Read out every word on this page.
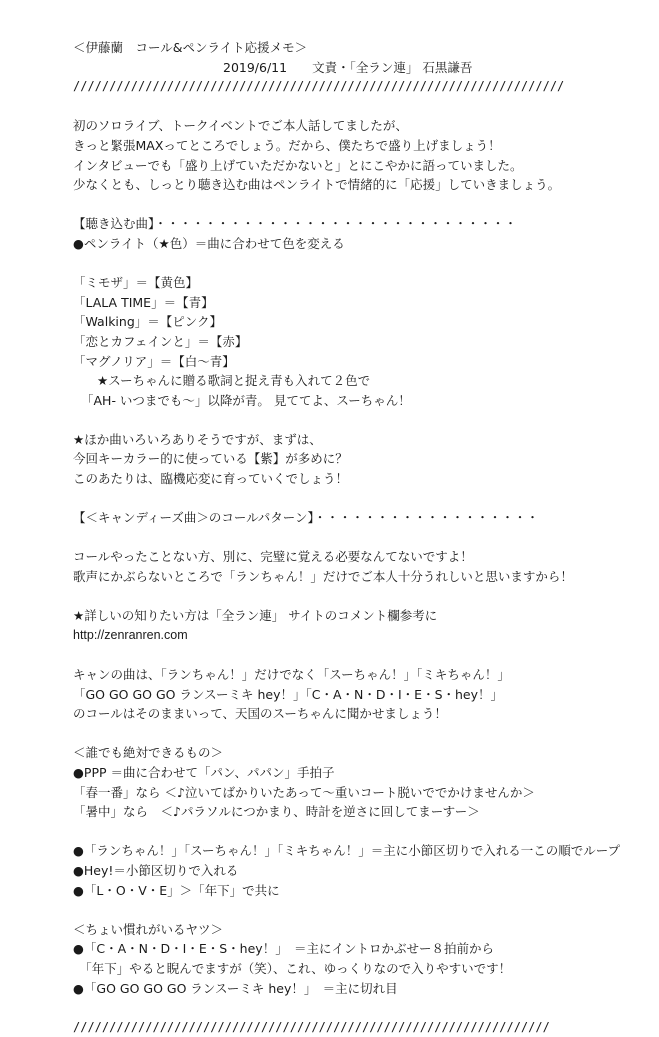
＜伊藤蘭　コール&ペンライト応援メモ＞
2019/6/11　　文責・「全ラン連」 石黒謙吾
////////////////////////////////////////////////////////////////////
初のソロライブ、トークイベントでご本人話してましたが、
きっと緊張MAXってところでしょう。だから、僕たちで盛り上げましょう！
インタビューでも「盛り上げていただかないと」とにこやかに語っていました。
少なくとも、しっとり聴き込む曲はペンライトで情緒的に「応援」していきましょう。
【聴き込む曲】・・・・・・・・・・・・・・・・・・・・・・・・・・・・・
●ペンライト（★色）＝曲に合わせて色を変える
「ミモザ」＝【黄色】
「LALA TIME」＝【青】
「Walking」＝【ピンク】
「恋とカフェインと」＝【赤】
「マグノリア」＝【白〜青】
★スーちゃんに贈る歌詞と捉え青も入れて２色で
「AH- いつまでも〜」以降が青。 見ててよ、スーちゃん！
★ほか曲いろいろありそうですが、まずは、
今回キーカラー的に使っている【紫】が多めに？
このあたりは、臨機応変に育っていくでしょう！
【＜キャンディーズ曲＞のコールパターン】・・・・・・・・・・・・・・・・・・
コールやったことない方、別に、完璧に覚える必要なんてないですよ！
歌声にかぶらないところで「ランちゃん！」だけでご本人十分うれしいと思いますから！
★詳しいの知りたい方は「全ラン連」 サイトのコメント欄参考に
http://zenranren.com
キャンの曲は、「ランちゃん！」だけでなく「スーちゃん！」「ミキちゃん！」
「GO GO GO GO ランスーミキ hey！」「C・A・N・D・I・E・S・hey！」
のコールはそのままいって、天国のスーちゃんに聞かせましょう！
＜誰でも絶対できるもの＞
●PPP ＝曲に合わせて「パン、パパン」手拍子
「春一番」なら ＜♪泣いてばかりいたあって〜重いコート脱いででかけませんか＞
「暑中」なら　＜♪パラソルにつかまり、時計を逆さに回してまーすー＞
●「ランちゃん！」「スーちゃん！」「ミキちゃん！」＝主に小節区切りで入れる一この順でループ
●Hey!＝小節区切りで入れる
●「L・O・V・E」＞「年下」で共に
＜ちょい慣れがいるヤツ＞
●「C・A・N・D・I・E・S・hey！」　＝主にイントロかぶせー８拍前から
　「年下」やると睨んでますが（笑）、これ、ゆっくりなので入りやすいです！
●「GO GO GO GO ランスーミキ hey！」　＝主に切れ目
//////////////////////////////////////////////////////////////////
